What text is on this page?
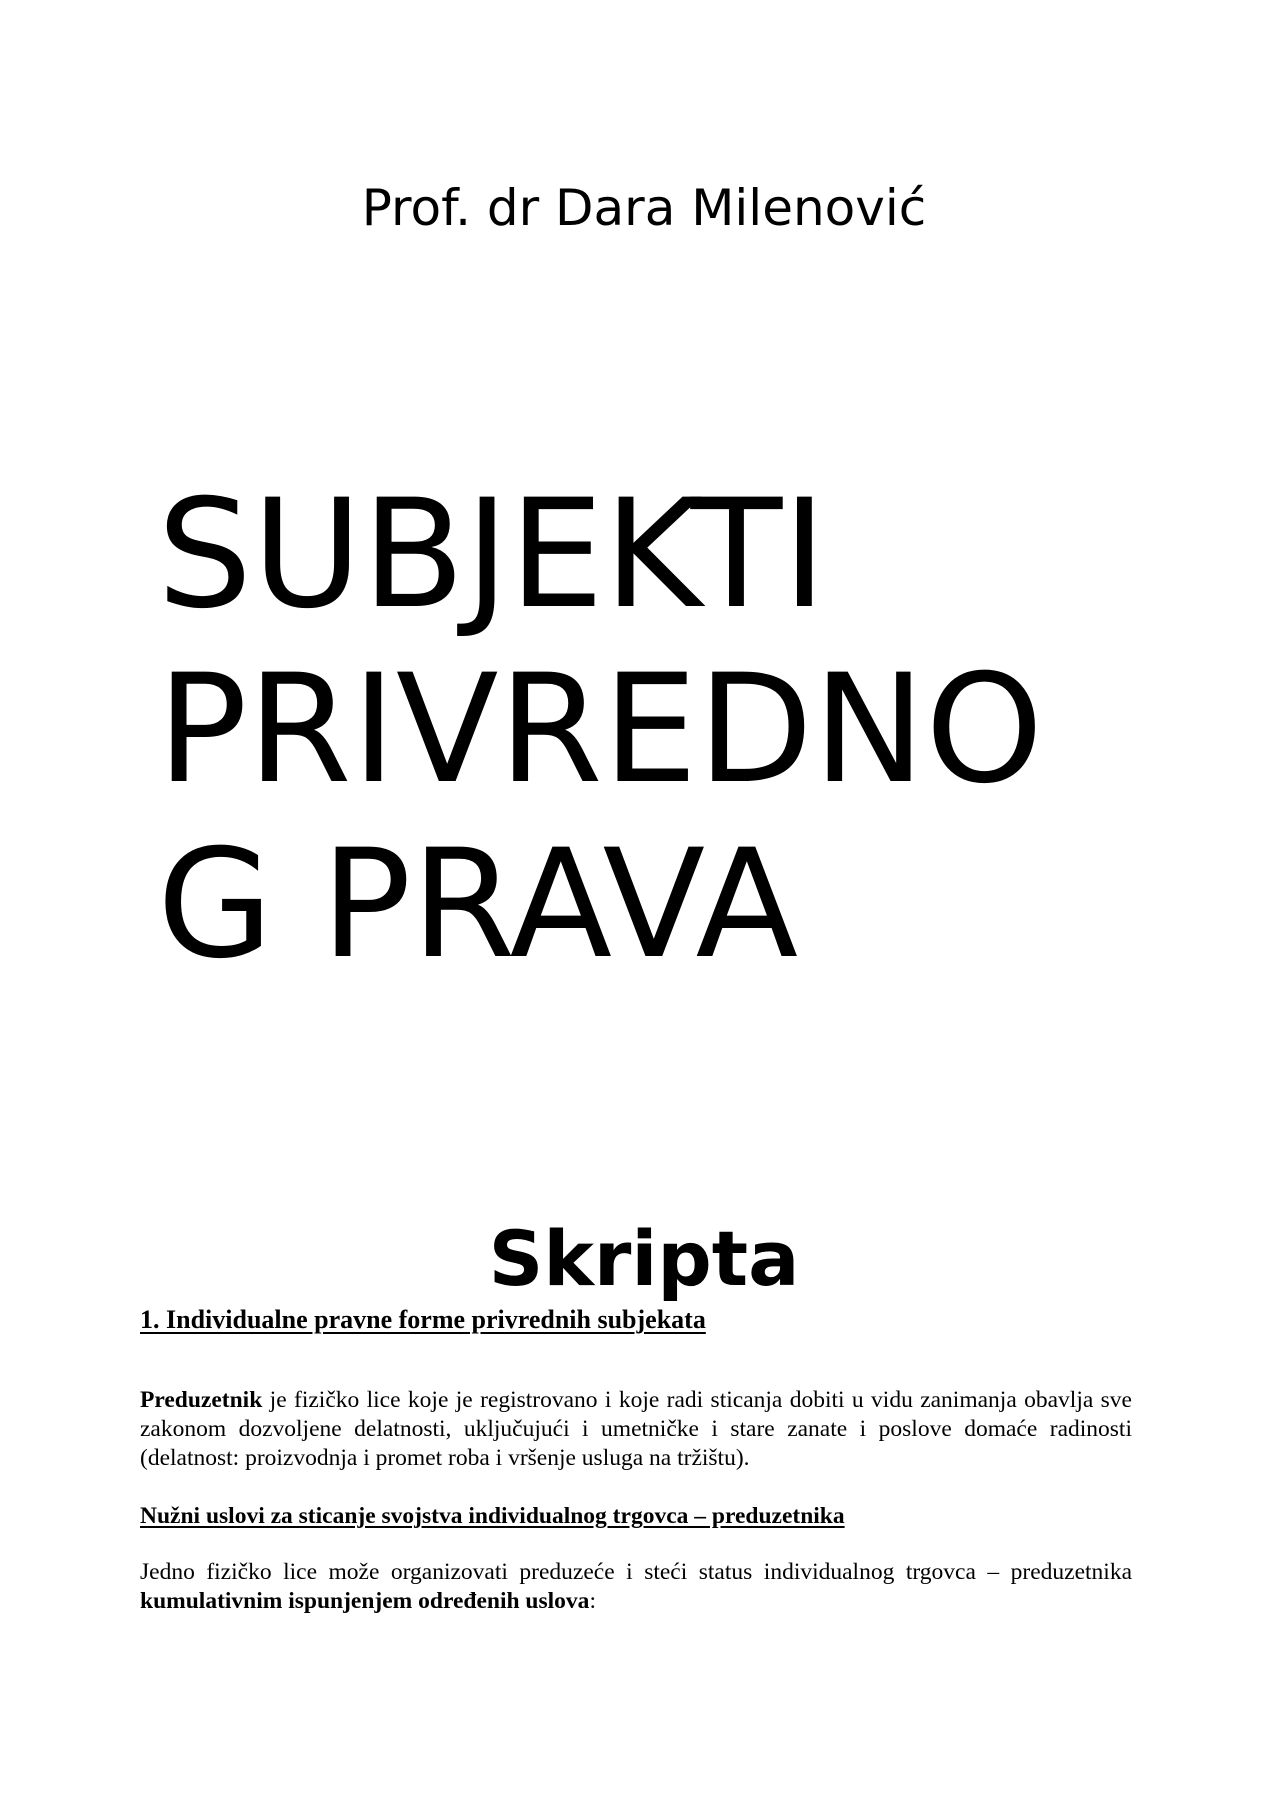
Prof. dr Dara Milenović
SUBJEKTI
PRIVREDNO
G PRAVA
Skripta
1. Individualne pravne forme privrednih subjekata
Preduzetnik je fizičko lice koje je registrovano i koje radi sticanja dobiti u vidu zanimanja obavlja sve zakonom dozvoljene delatnosti, uključujući i umetničke i stare zanate i poslove domaće radinosti (delatnost: proizvodnja i promet roba i vršenje usluga na tržištu).
Nužni uslovi za sticanje svojstva individualnog trgovca – preduzetnika
Jedno fizičko lice može organizovati preduzeće i steći status individualnog trgovca – preduzetnika kumulativnim ispunjenjem određenih uslova:
